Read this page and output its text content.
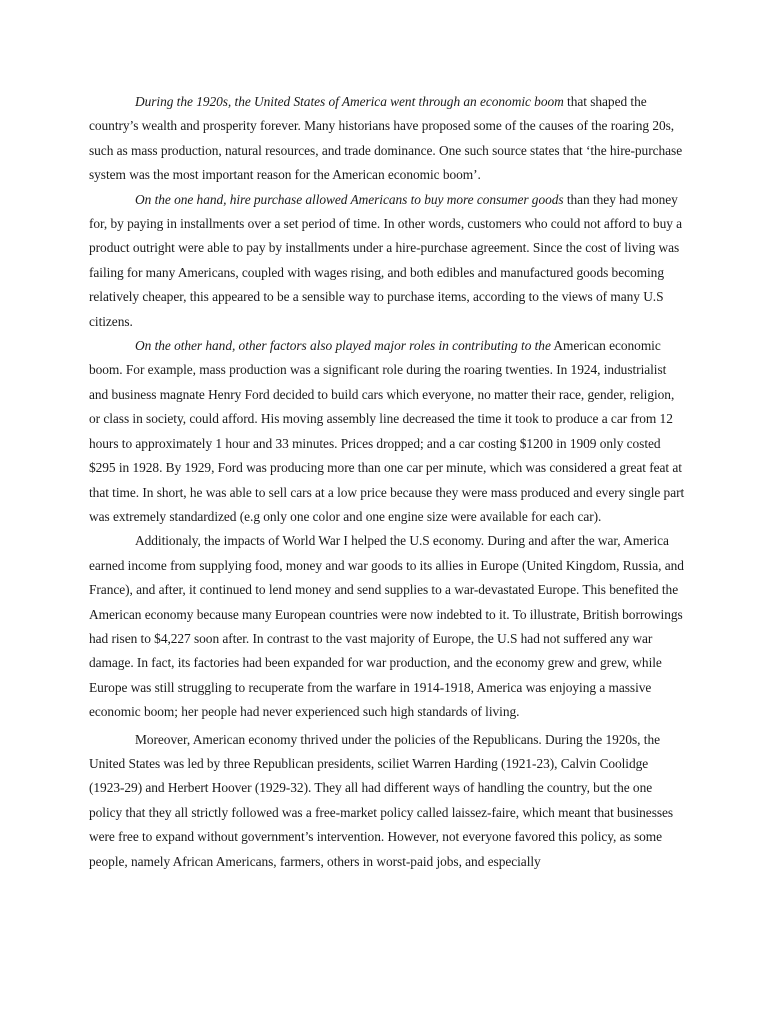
During the 1920s, the United States of America went through an economic boom that shaped the country’s wealth and prosperity forever. Many historians have proposed some of the causes of the roaring 20s, such as mass production, natural resources, and trade dominance. One such source states that ‘the hire-purchase system was the most important reason for the American economic boom’.

On the one hand, hire purchase allowed Americans to buy more consumer goods than they had money for, by paying in installments over a set period of time. In other words, customers who could not afford to buy a product outright were able to pay by installments under a hire-purchase agreement. Since the cost of living was failing for many Americans, coupled with wages rising, and both edibles and manufactured goods becoming relatively cheaper, this appeared to be a sensible way to purchase items, according to the views of many U.S citizens.

On the other hand, other factors also played major roles in contributing to the American economic boom. For example, mass production was a significant role during the roaring twenties. In 1924, industrialist and business magnate Henry Ford decided to build cars which everyone, no matter their race, gender, religion, or class in society, could afford. His moving assembly line decreased the time it took to produce a car from 12 hours to approximately 1 hour and 33 minutes. Prices dropped; and a car costing $1200 in 1909 only costed $295 in 1928. By 1929, Ford was producing more than one car per minute, which was considered a great feat at that time. In short, he was able to sell cars at a low price because they were mass produced and every single part was extremely standardized (e.g only one color and one engine size were available for each car).

Additionaly, the impacts of World War I helped the U.S economy. During and after the war, America earned income from supplying food, money and war goods to its allies in Europe (United Kingdom, Russia, and France), and after, it continued to lend money and send supplies to a war-devastated Europe. This benefited the American economy because many European countries were now indebted to it. To illustrate, British borrowings had risen to $4,227 soon after. In contrast to the vast majority of Europe, the U.S had not suffered any war damage. In fact, its factories had been expanded for war production, and the economy grew and grew, while Europe was still struggling to recuperate from the warfare in 1914-1918, America was enjoying a massive economic boom; her people had never experienced such high standards of living.

Moreover, American economy thrived under the policies of the Republicans. During the 1920s, the United States was led by three Republican presidents, sciliet Warren Harding (1921-23), Calvin Coolidge (1923-29) and Herbert Hoover (1929-32). They all had different ways of handling the country, but the one policy that they all strictly followed was a free-market policy called laissez-faire, which meant that businesses were free to expand without government’s intervention. However, not everyone favored this policy, as some people, namely African Americans, farmers, others in worst-paid jobs, and especially
